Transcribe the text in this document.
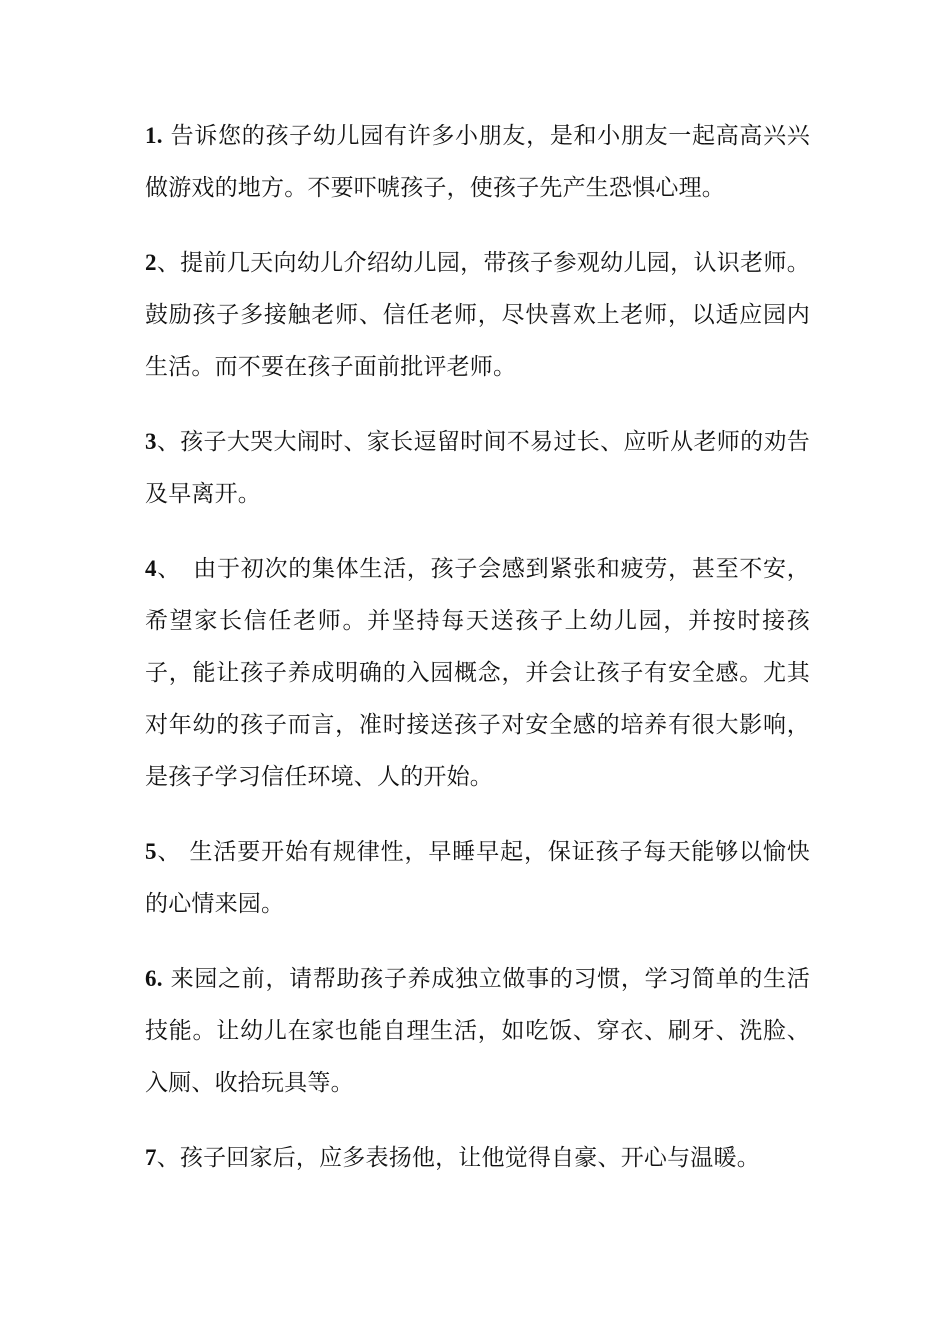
1. 告诉您的孩子幼儿园有许多小朋友，是和小朋友一起高高兴兴做游戏的地方。不要吓唬孩子，使孩子先产生恐惧心理。

2、提前几天向幼儿介绍幼儿园，带孩子参观幼儿园，认识老师。鼓励孩子多接触老师、信任老师，尽快喜欢上老师，以适应园内生活。而不要在孩子面前批评老师。

3、孩子大哭大闹时、家长逗留时间不易过长、应听从老师的劝告及早离开。

4、　由于初次的集体生活，孩子会感到紧张和疲劳，甚至不安，希望家长信任老师。并坚持每天送孩子上幼儿园，并按时接孩子，能让孩子养成明确的入园概念，并会让孩子有安全感。尤其对年幼的孩子而言，准时接送孩子对安全感的培养有很大影响，是孩子学习信任环境、人的开始。

5、 生活要开始有规律性，早睡早起，保证孩子每天能够以愉快的心情来园。

6. 来园之前，请帮助孩子养成独立做事的习惯，学习简单的生活技能。让幼儿在家也能自理生活，如吃饭、穿衣、刷牙、洗脸、入厕、收拾玩具等。

7、孩子回家后，应多表扬他，让他觉得自豪、开心与温暖。
